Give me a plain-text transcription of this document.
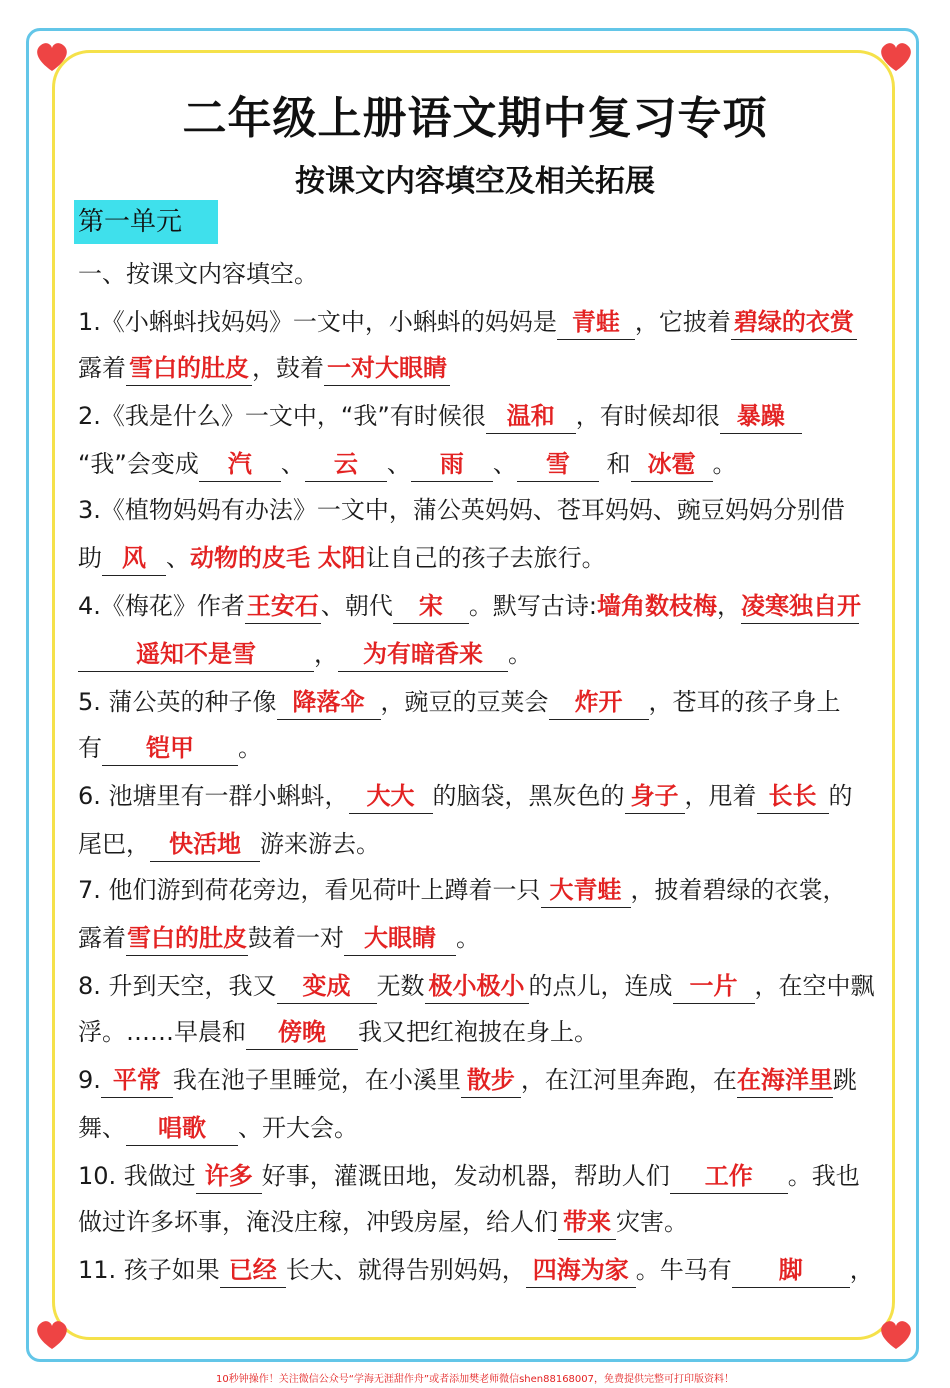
二年级上册语文期中复习专项
按课文内容填空及相关拓展
第一单元
一、按课文内容填空。
1.《小蝌蚪找妈妈》一文中，小蝌蚪的妈妈是 青蛙 ，它披着 碧绿的衣赏
露着 雪白的肚皮 ，鼓着 一对大眼睛
2.《我是什么》一文中，“我”有时候很 温和 ，有时候却很 暴躁
“我”会变成 汽 、 云 、 雨 、 雪 和 冰雹 。
3.《植物妈妈有办法》一文中，蒲公英妈妈、苍耳妈妈、豌豆妈妈分别借
助 风 、动物的皮毛 太阳让自己的孩子去旅行。
4.《梅花》作者王安石、朝代 宋 。默写古诗:墙角数枝梅，凌寒独自开
遥知不是雪 ， 为有暗香来 。
5. 蒲公英的种子像 降落伞 ，豌豆的豆荚会 炸开 ，苍耳的孩子身上
有 铠甲 。
6. 池塘里有一群小蝌蚪， 大大 的脑袋，黑灰色的 身子 ，甩着 长长 的
尾巴， 快活地 游来游去。
7. 他们游到荷花旁边，看见荷叶上蹲着一只 大青蛙 ，披着碧绿的衣裳，
露着雪白的肚皮鼓着一对 大眼睛 。
8. 升到天空，我又 变成 无数 极小极小 的点儿，连成 一片 ，在空中飘
浮。……早晨和 傍晚 我又把红袍披在身上。
9. 平常 我在池子里睡觉，在小溪里 散步 ，在江河里奔跑，在在海洋里跳
舞、 唱歌 、开大会。
10. 我做过 许多 好事，灌溉田地，发动机器，帮助人们 工作 。我也
做过许多坏事，淹没庄稼，冲毁房屋，给人们 带来 灾害。
11. 孩子如果 已经 长大、就得告别妈妈， 四海为家 。牛马有 脚 ，
10秒钟操作！关注微信公众号“学海无涯甜作舟”或者添加樊老师微信shen88168007，免费提供完整可打印版资料！
